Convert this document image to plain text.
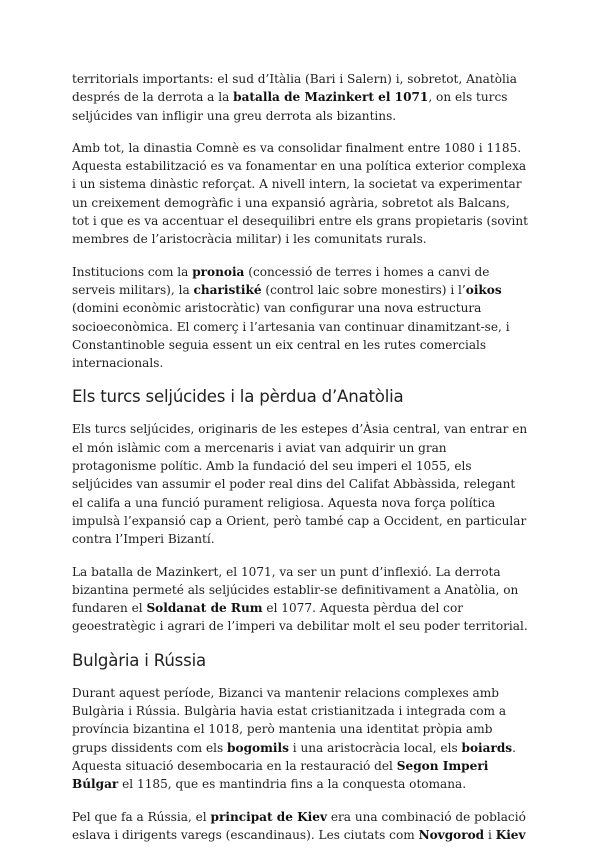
territorials importants: el sud d’Itàlia (Bari i Salern) i, sobretot, Anatòlia després de la derrota a la batalla de Mazinkert el 1071, on els turcs seljúcides van infligir una greu derrota als bizantins.

Amb tot, la dinastia Comnè es va consolidar finalment entre 1080 i 1185. Aquesta estabilització es va fonamentar en una política exterior complexa i un sistema dinàstic reforçat. A nivell intern, la societat va experimentar un creixement demogràfic i una expansió agrària, sobretot als Balcans, tot i que es va accentuar el desequilibri entre els grans propietaris (sovint membres de l’aristocràcia militar) i les comunitats rurals.

Institucions com la pronoia (concessió de terres i homes a canvi de serveis militars), la charistiké (control laic sobre monestirs) i l’oikos (domini econòmic aristocràtic) van configurar una nova estructura socioeconòmica. El comerç i l’artesania van continuar dinamitzant-se, i Constantinoble seguia essent un eix central en les rutes comercials internacionals.

Els turcs seljúcides i la pèrdua d’Anatòlia

Els turcs seljúcides, originaris de les estepes d’Àsia central, van entrar en el món islàmic com a mercenaris i aviat van adquirir un gran protagonisme polític. Amb la fundació del seu imperi el 1055, els seljúcides van assumir el poder real dins del Califat Abbàssida, relegant el califa a una funció purament religiosa. Aquesta nova força política impulsà l’expansió cap a Orient, però també cap a Occident, en particular contra l’Imperi Bizantí.

La batalla de Mazinkert, el 1071, va ser un punt d’inflexió. La derrota bizantina permeté als seljúcides establir-se definitivament a Anatòlia, on fundaren el Soldanat de Rum el 1077. Aquesta pèrdua del cor geoestratègic i agrari de l’imperi va debilitar molt el seu poder territorial.

Bulgària i Rússia

Durant aquest període, Bizanci va mantenir relacions complexes amb Bulgària i Rússia. Bulgària havia estat cristianitzada i integrada com a província bizantina el 1018, però mantenia una identitat pròpia amb grups dissidents com els bogomils i una aristocràcia local, els boiards. Aquesta situació desembocaria en la restauració del Segon Imperi Búlgar el 1185, que es mantindria fins a la conquesta otomana.

Pel que fa a Rússia, el principat de Kiev era una combinació de població eslava i dirigents varegs (escandinaus). Les ciutats com Novgorod i Kiev
